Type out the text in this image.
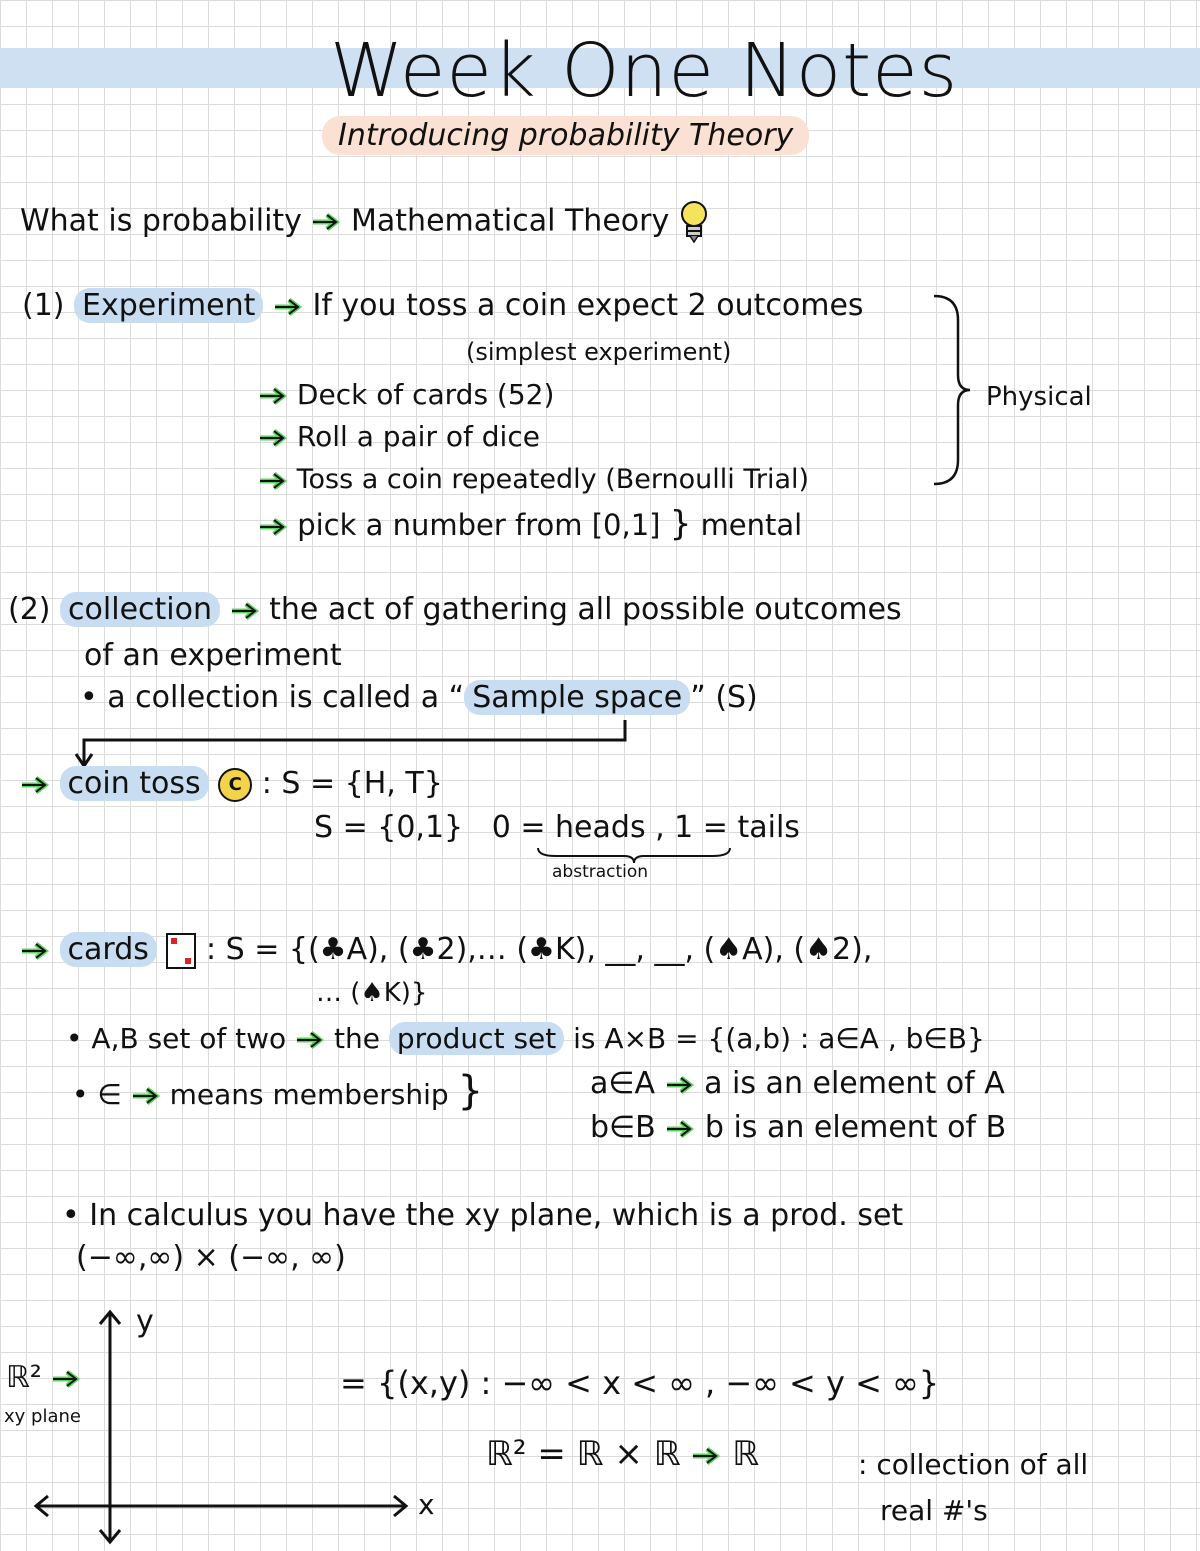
Week One Notes
Introducing probability Theory
What is probability Mathematical Theory
(1) Experiment If you toss a coin expect 2 outcomes
(simplest experiment)
Deck of cards (52)
Roll a pair of dice
Toss a coin repeatedly (Bernoulli Trial)
pick a number from [0,1] } mental
Physical
(2) collection the act of gathering all possible outcomes
of an experiment
• a collection is called a “ Sample space ” (S)
coin toss C : S = {H, T}
S = {0,1} 0 = heads , 1 = tails
abstraction
cards : S = {(♣A), (♣2),… (♣K), __, __, (♠A), (♠2),
… (♠K)}
• A,B set of two the product set is A×B = {(a,b) : a∈A , b∈B}
• ∈ means membership }	a∈A a is an element of A
b∈B b is an element of B
• In calculus you have the xy plane, which is a prod. set
(−∞,∞) × (−∞, ∞)
ℝ²
xy plane
y
x
= {(x,y) : −∞ < x < ∞ , −∞ < y < ∞}
ℝ² = ℝ × ℝ ℝ	: collection of all
real #'s
